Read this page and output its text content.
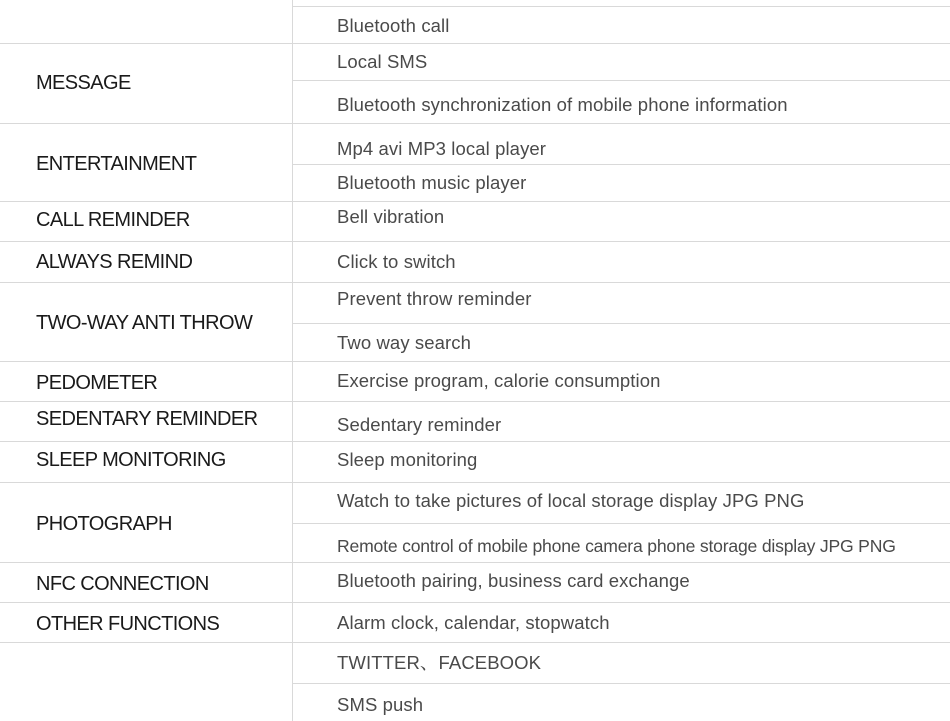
MESSAGE
ENTERTAINMENT
CALL REMINDER
ALWAYS REMIND
TWO-WAY ANTI THROW
PEDOMETER
SEDENTARY REMINDER
SLEEP MONITORING
PHOTOGRAPH
NFC CONNECTION
OTHER FUNCTIONS
Bluetooth call
Local SMS
Bluetooth synchronization of mobile phone information
Mp4 avi MP3 local player
Bluetooth music player
Bell vibration
Click to switch
Prevent throw reminder
Two way search
Exercise program, calorie consumption
Sedentary reminder
Sleep monitoring
Watch to take pictures of local storage display JPG PNG
Remote control of mobile phone camera phone storage display JPG PNG
Bluetooth pairing, business card exchange
Alarm clock, calendar, stopwatch
TWITTER、FACEBOOK
SMS push
